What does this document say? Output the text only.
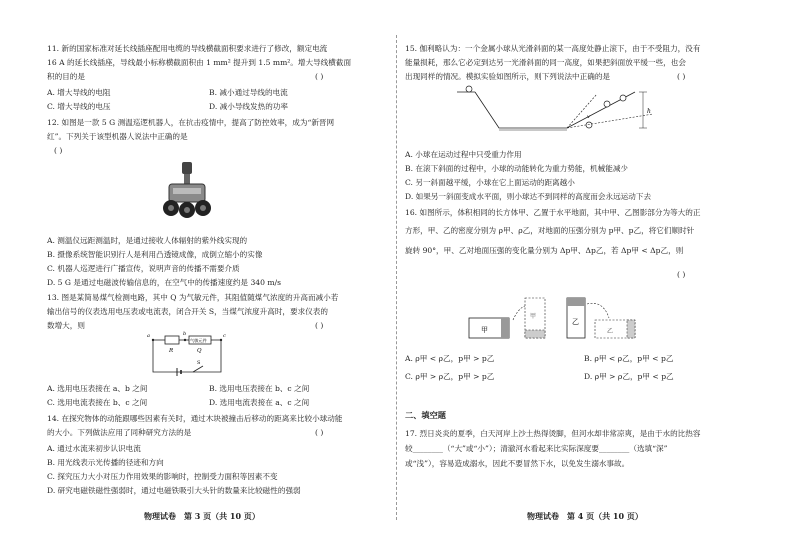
11. 新的国家标准对延长线插座配用电缆的导线横截面积要求进行了修改，额定电流
16 A 的延长线插座，导线最小标称横截面积由 1 mm² 提升到 1.5 mm²。增大导线横截面
积的目的是	( )
A. 增大导线的电阻	B. 减小通过导线的电流
C. 增大导线的电压	D. 减小导线发热的功率
12. 如图是一款 5 G 测温巡逻机器人，在抗击疫情中，提高了防控效率，成为“新晋网
红”。下列关于该型机器人说法中正确的是
( )
A. 测温仪远距测温时，是通过接收人体辐射的紫外线实现的
B. 摄像系统智能识别行人是利用凸透镜成像，成倒立缩小的实像
C. 机器人巡逻进行广播宣传，说明声音的传播不需要介质
D. 5 G 是通过电磁波传输信息的，在空气中的传播速度约是 340 m/s
13. 图是某简易煤气检测电路，其中 Q 为气敏元件，其阻值随煤气浓度的升高而减小若
输出信号的仪表选用电压表或电流表，闭合开关 S，当煤气浓度升高时，要求仪表的
数增大，则	( )
a	b	c
气敏元件
R	Q
S
A. 选用电压表接在 a、b 之间	B. 选用电压表接在 b、c 之间
C. 选用电流表接在 b、c 之间	D. 选用电流表接在 a、c 之间
14. 在探究物体的动能跟哪些因素有关时，通过木块被撞击后移动的距离来比较小球动能
的大小。下列做法应用了同种研究方法的是	( )
A. 通过水流来初步认识电流
B. 用光线表示光传播的径迹和方向
C. 探究压力大小对压力作用效果的影响时，控制受力面积等因素不变
D. 研究电磁铁磁性强弱时，通过电磁铁吸引大头针的数量来比较磁性的强弱
物理试卷　第 3 页（共 10 页）
15. 伽利略认为：一个金属小球从光滑斜面的某一高度处静止滚下，由于不受阻力，没有
能量损耗，那么它必定到达另一光滑斜面的同一高度，如果把斜面放平缓一些，也会
出现同样的情况。模拟实验如图所示，则下列说法中正确的是	( )
h
v
A. 小球在运动过程中只受重力作用
B. 在滚下斜面的过程中，小球的动能转化为重力势能，机械能减少
C. 另一斜面越平缓，小球在它上面运动的距离越小
D. 如果另一斜面变成水平面，则小球达不到同样的高度而会永远运动下去
16. 如图所示，体积相同的长方体甲、乙置于水平地面，其中甲、乙图影部分为等大的正
方形，甲、乙的密度分别为 ρ甲、ρ乙，对地面的压强分别为 p甲、p乙，将它们顺时针
旋转 90°，甲、乙对地面压强的变化量分别为 Δp甲、Δp乙，若 Δp甲 < Δp乙，则
( )
甲
甲
乙
乙
A. ρ甲 < ρ乙，p甲 > p乙	B. ρ甲 < ρ乙，p甲 < p乙
C. ρ甲 > ρ乙，p甲 > p乙	D. ρ甲 > ρ乙，p甲 < p乙
二、填空题
17. 烈日炎炎的夏季，白天河岸上沙土热得烫脚，但河水却非常凉爽，是由于水的比热容
较________（“大”或“小”）；清澈河水看起来比实际深度要________（选填“深”
或“浅”），容易造成溺水，因此不要冒然下水，以免发生溺水事故。
物理试卷　第 4 页（共 10 页）
